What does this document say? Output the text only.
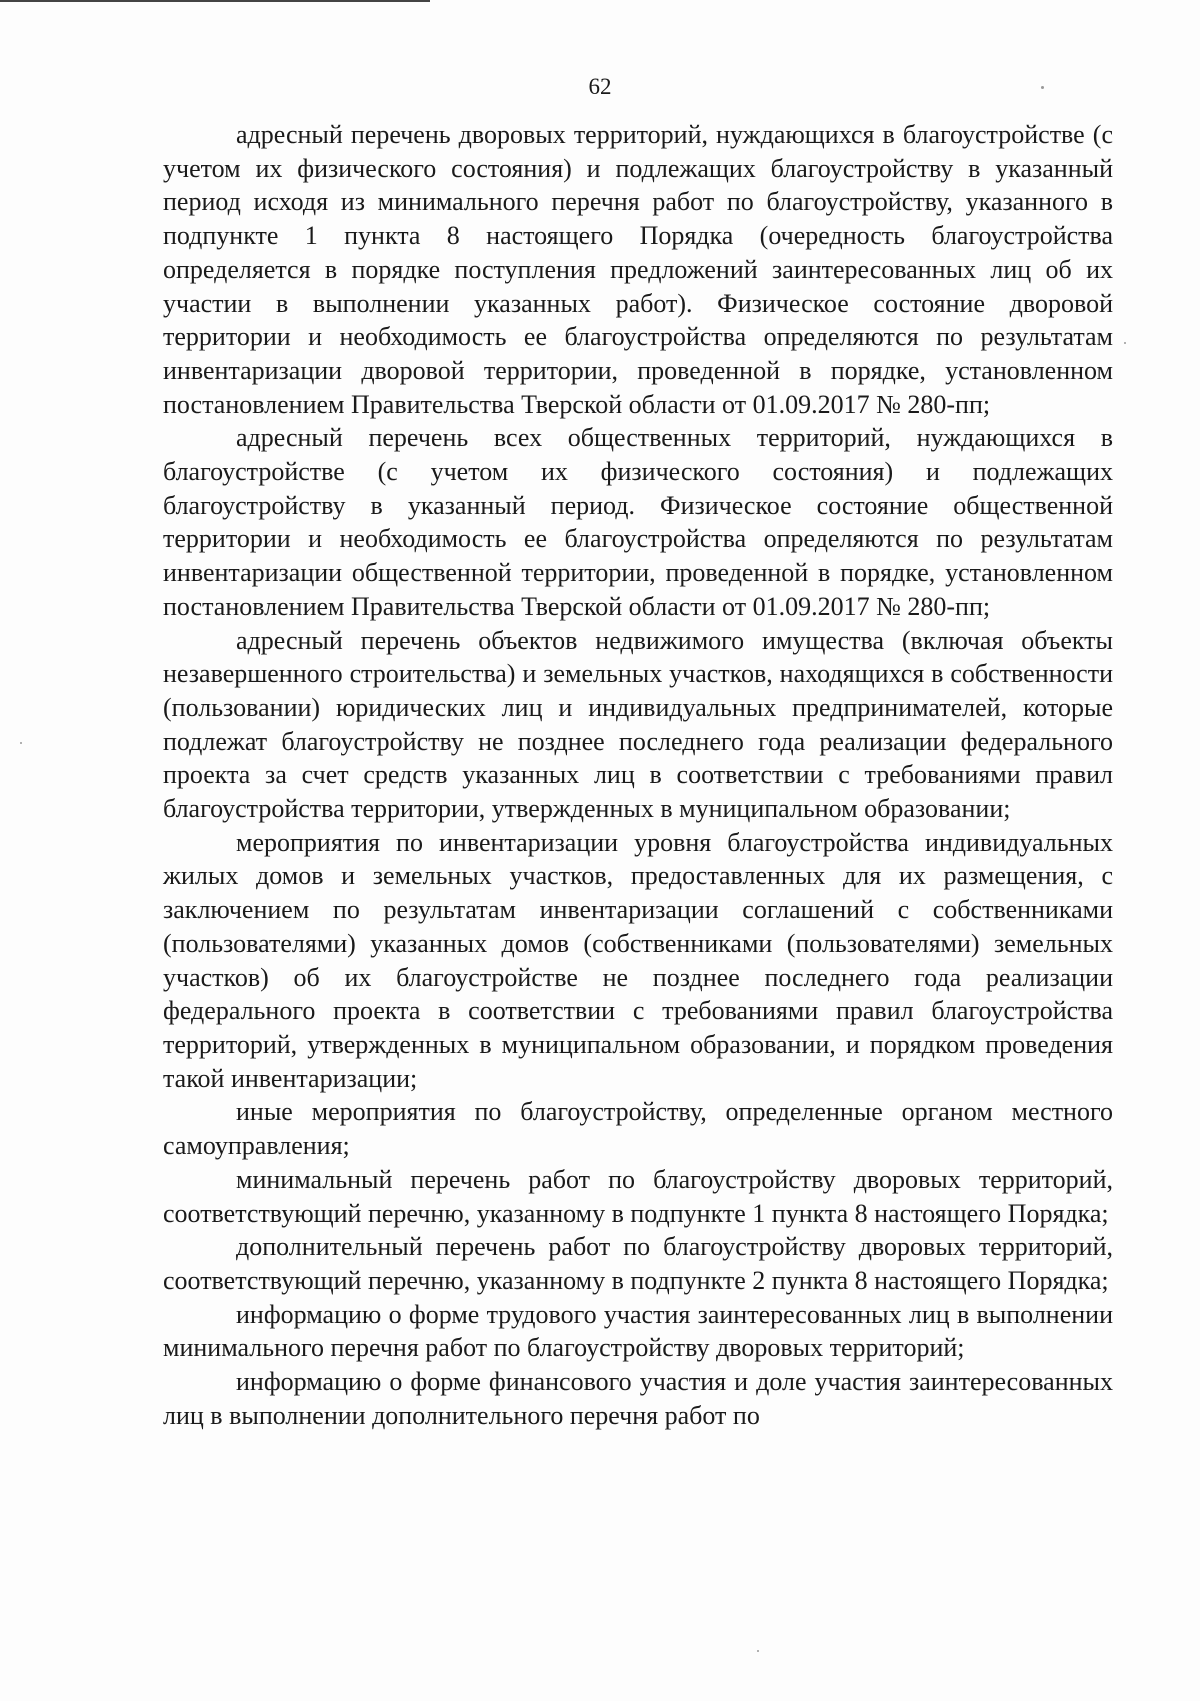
62

адресный перечень дворовых территорий, нуждающихся в благоустройстве (с учетом их физического состояния) и подлежащих благоустройству в указанный период исходя из минимального перечня работ по благоустройству, указанного в подпункте 1 пункта 8 настоящего Порядка (очередность благоустройства определяется в порядке поступления предложений заинтересованных лиц об их участии в выполнении указанных работ). Физическое состояние дворовой территории и необходимость ее благоустройства определяются по результатам инвентаризации дворовой территории, проведенной в порядке, установленном постановлением Правительства Тверской области от 01.09.2017 № 280-пп;

адресный перечень всех общественных территорий, нуждающихся в благоустройстве (с учетом их физического состояния) и подлежащих благоустройству в указанный период. Физическое состояние общественной территории и необходимость ее благоустройства определяются по результатам инвентаризации общественной территории, проведенной в порядке, установленном постановлением Правительства Тверской области от 01.09.2017 № 280-пп;

адресный перечень объектов недвижимого имущества (включая объекты незавершенного строительства) и земельных участков, находящихся в собственности (пользовании) юридических лиц и индивидуальных предпринимателей, которые подлежат благоустройству не позднее последнего года реализации федерального проекта за счет средств указанных лиц в соответствии с требованиями правил благоустройства территории, утвержденных в муниципальном образовании;

мероприятия по инвентаризации уровня благоустройства индивидуальных жилых домов и земельных участков, предоставленных для их размещения, с заключением по результатам инвентаризации соглашений с собственниками (пользователями) указанных домов (собственниками (пользователями) земельных участков) об их благоустройстве не позднее последнего года реализации федерального проекта в соответствии с требованиями правил благоустройства территорий, утвержденных в муниципальном образовании, и порядком проведения такой инвентаризации;

иные мероприятия по благоустройству, определенные органом местного самоуправления;

минимальный перечень работ по благоустройству дворовых территорий, соответствующий перечню, указанному в подпункте 1 пункта 8 настоящего Порядка;

дополнительный перечень работ по благоустройству дворовых территорий, соответствующий перечню, указанному в подпункте 2 пункта 8 настоящего Порядка;

информацию о форме трудового участия заинтересованных лиц в выполнении минимального перечня работ по благоустройству дворовых территорий;

информацию о форме финансового участия и доле участия заинтересованных лиц в выполнении дополнительного перечня работ по
